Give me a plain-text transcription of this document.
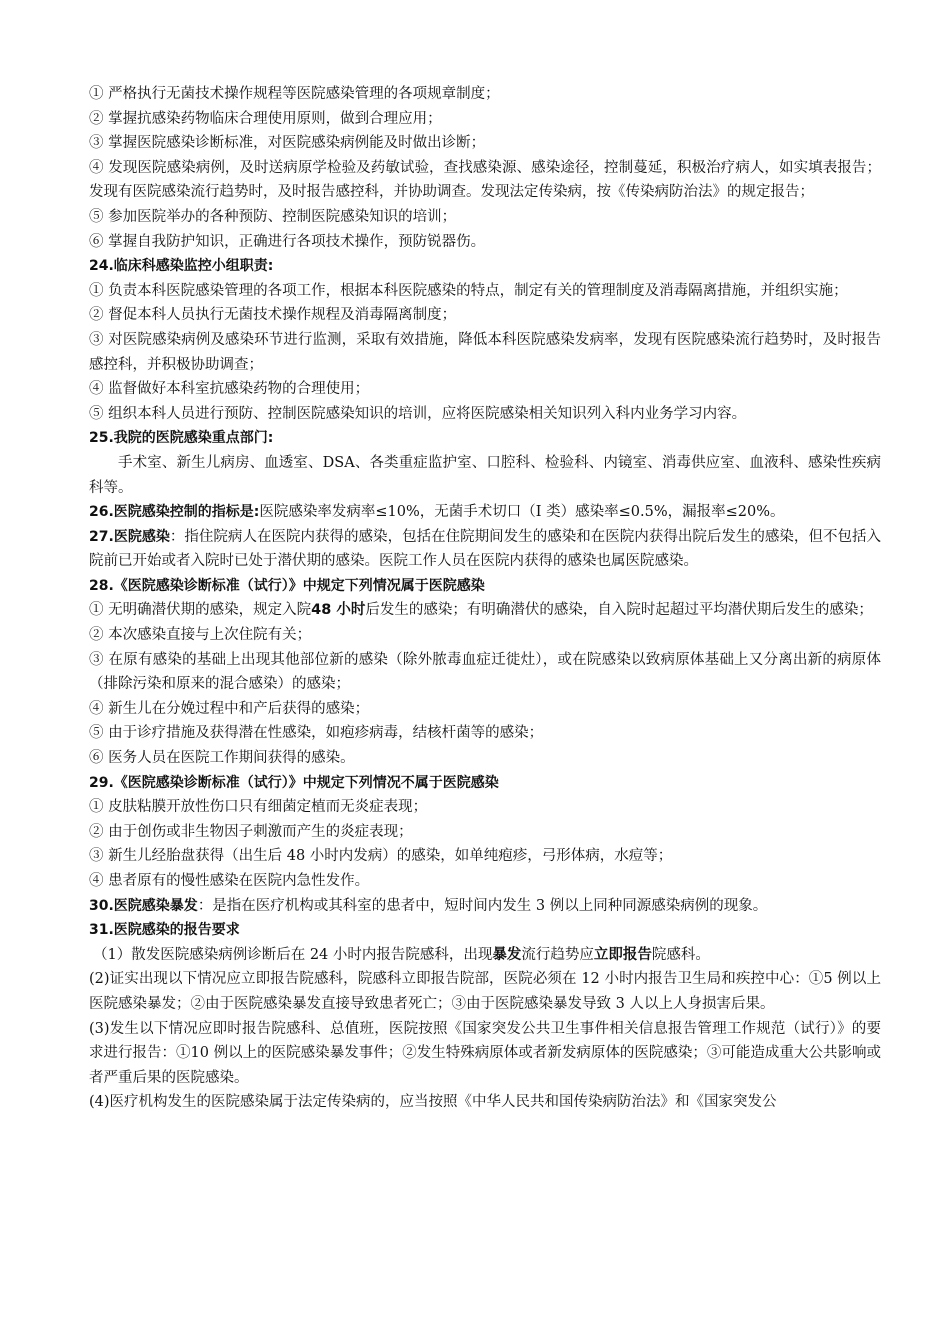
① 严格执行无菌技术操作规程等医院感染管理的各项规章制度；

② 掌握抗感染药物临床合理使用原则，做到合理应用；

③ 掌握医院感染诊断标准，对医院感染病例能及时做出诊断；

④ 发现医院感染病例，及时送病原学检验及药敏试验，查找感染源、感染途径，控制蔓延，积极治疗病人，如实填表报告；发现有医院感染流行趋势时，及时报告感控科，并协助调查。发现法定传染病，按《传染病防治法》的规定报告；

⑤ 参加医院举办的各种预防、控制医院感染知识的培训；

⑥ 掌握自我防护知识，正确进行各项技术操作，预防锐器伤。

24.临床科感染监控小组职责:

① 负责本科医院感染管理的各项工作，根据本科医院感染的特点，制定有关的管理制度及消毒隔离措施，并组织实施；

② 督促本科人员执行无菌技术操作规程及消毒隔离制度；

③ 对医院感染病例及感染环节进行监测，采取有效措施，降低本科医院感染发病率，发现有医院感染流行趋势时，及时报告感控科，并积极协助调查；

④ 监督做好本科室抗感染药物的合理使用；

⑤ 组织本科人员进行预防、控制医院感染知识的培训，应将医院感染相关知识列入科内业务学习内容。

25.我院的医院感染重点部门:

手术室、新生儿病房、血透室、DSA、各类重症监护室、口腔科、检验科、内镜室、消毒供应室、血液科、感染性疾病科等。

26.医院感染控制的指标是:医院感染率发病率≤10%，无菌手术切口（Ⅰ 类）感染率≤0.5%，漏报率≤20%。

27.医院感染：指住院病人在医院内获得的感染，包括在住院期间发生的感染和在医院内获得出院后发生的感染，但不包括入院前已开始或者入院时已处于潜伏期的感染。医院工作人员在医院内获得的感染也属医院感染。

28.《医院感染诊断标准（试行）》中规定下列情况属于医院感染

① 无明确潜伏期的感染，规定入院48 小时后发生的感染；有明确潜伏的感染，自入院时起超过平均潜伏期后发生的感染；

② 本次感染直接与上次住院有关；

③ 在原有感染的基础上出现其他部位新的感染（除外脓毒血症迁徙灶），或在院感染以致病原体基础上又分离出新的病原体（排除污染和原来的混合感染）的感染；

④ 新生儿在分娩过程中和产后获得的感染；

⑤ 由于诊疗措施及获得潜在性感染，如疱疹病毒，结核杆菌等的感染；

⑥ 医务人员在医院工作期间获得的感染。

29.《医院感染诊断标准（试行）》中规定下列情况不属于医院感染

① 皮肤粘膜开放性伤口只有细菌定植而无炎症表现；

② 由于创伤或非生物因子刺激而产生的炎症表现；

③ 新生儿经胎盘获得（出生后 48 小时内发病）的感染，如单纯疱疹，弓形体病，水痘等；

④ 患者原有的慢性感染在医院内急性发作。

30.医院感染暴发：是指在医疗机构或其科室的患者中，短时间内发生 3 例以上同种同源感染病例的现象。

31.医院感染的报告要求

（1）散发医院感染病例诊断后在 24 小时内报告院感科，出现暴发流行趋势应立即报告院感科。

(2)证实出现以下情况应立即报告院感科，院感科立即报告院部，医院必须在 12 小时内报告卫生局和疾控中心：①5 例以上医院感染暴发；②由于医院感染暴发直接导致患者死亡；③由于医院感染暴发导致 3 人以上人身损害后果。

(3)发生以下情况应即时报告院感科、总值班，医院按照《国家突发公共卫生事件相关信息报告管理工作规范（试行）》的要求进行报告：①10 例以上的医院感染暴发事件；②发生特殊病原体或者新发病原体的医院感染；③可能造成重大公共影响或者严重后果的医院感染。

(4)医疗机构发生的医院感染属于法定传染病的，应当按照《中华人民共和国传染病防治法》和《国家突发公
